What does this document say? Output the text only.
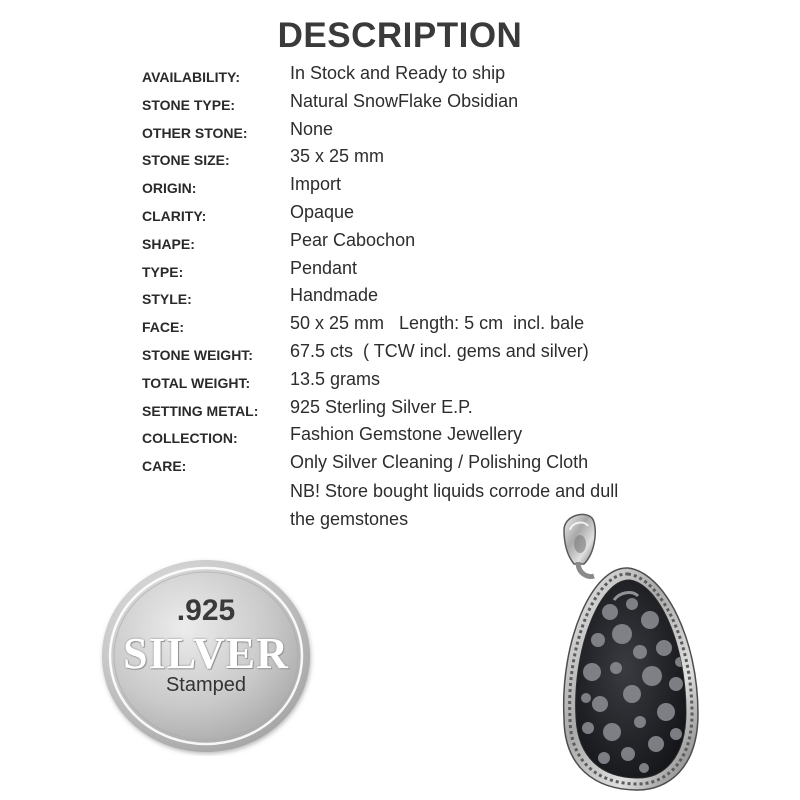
DESCRIPTION
AVAILABILITY:	In Stock and Ready to ship
STONE TYPE:	Natural SnowFlake Obsidian
OTHER STONE: None
STONE SIZE:	35 x 25 mm
ORIGIN:	Import
CLARITY:	Opaque
SHAPE:	Pear Cabochon
TYPE:	Pendant
STYLE:	Handmade
FACE:	50 x 25 mm   Length: 5 cm  incl. bale
STONE WEIGHT: 67.5 cts  ( TCW incl. gems and silver)
TOTAL WEIGHT: 13.5 grams
SETTING METAL: 925 Sterling Silver E.P.
COLLECTION:	Fashion Gemstone Jewellery
CARE:	Only Silver Cleaning / Polishing Cloth
NB! Store bought liquids corrode and dull
the gemstones
.925
SILVER
Stamped
